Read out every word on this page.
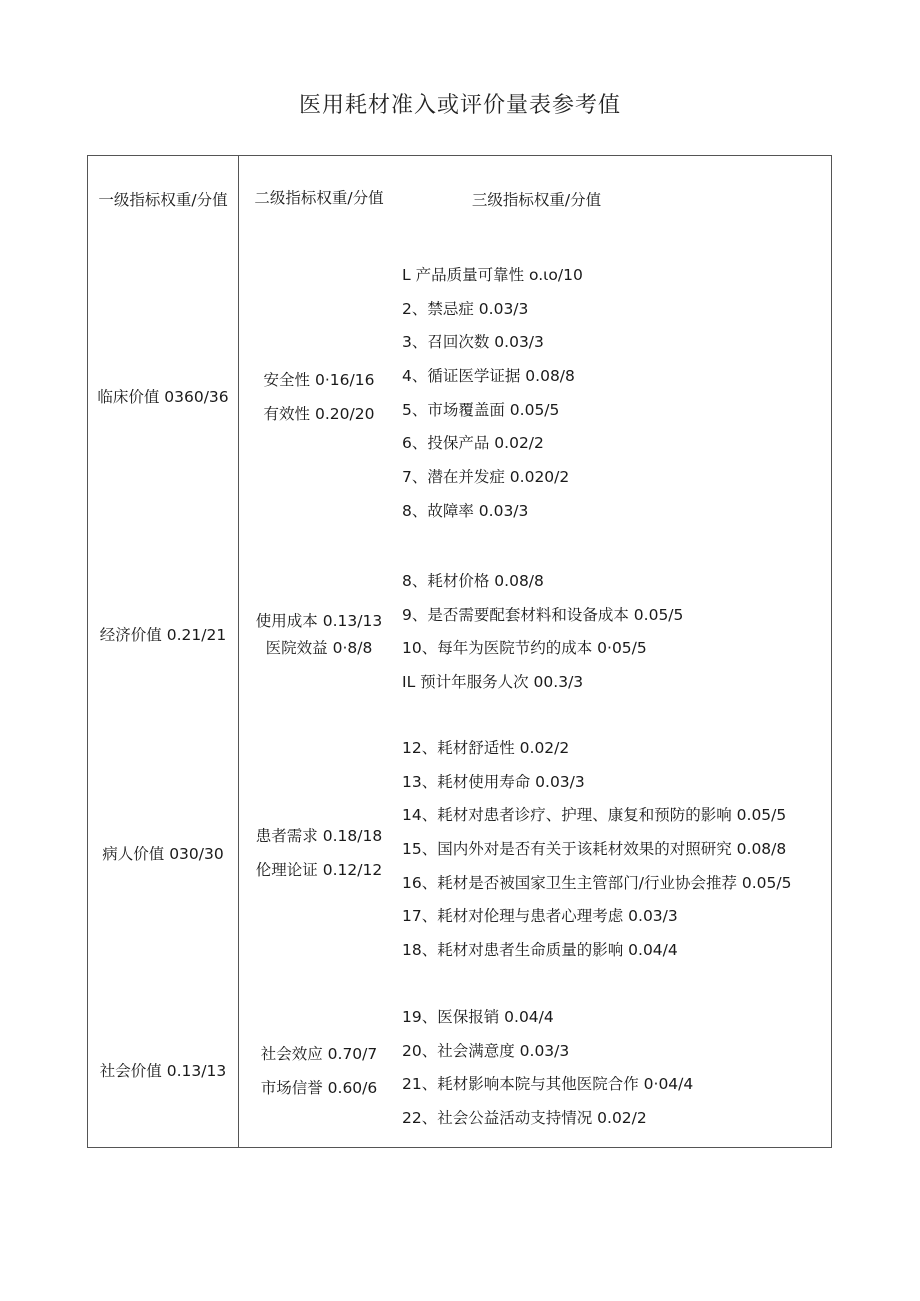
医用耗材准入或评价量表参考值
一级指标权重/分值	二级指标权重/分值	三级指标权重/分值
临床价值 0360/36
安全性 0·16/16
有效性 0.20/20
L 产品质量可靠性 o.ιo/10
2、禁忌症 0.03/3
3、召回次数 0.03/3
4、循证医学证据 0.08/8
5、市场覆盖面 0.05/5
6、投保产品 0.02/2
7、潜在并发症 0.020/2
8、故障率 0.03/3
经济价值 0.21/21
使用成本 0.13/13 医院效益 0·8∕8
8、耗材价格 0.08/8
9、是否需要配套材料和设备成本 0.05/5
10、每年为医院节约的成本 0·05∕5
IL 预计年服务人次 00.3/3
病人价值 030/30
患者需求 0.18/18
伦理论证 0.12/12
12、耗材舒适性 0.02/2
13、耗材使用寿命 0.03/3
14、耗材对患者诊疗、护理、康复和预防的影响 0.05/5
15、国内外对是否有关于该耗材效果的对照研究 0.08/8
16、耗材是否被国家卫生主管部门/行业协会推荐 0.05/5
17、耗材对伦理与患者心理考虑 0.03/3
18、耗材对患者生命质量的影响 0.04/4
社会价值 0.13/13
社会效应 0.70/7
市场信誉 0.60/6
19、医保报销 0.04/4
20、社会满意度 0.03/3
21、耗材影响本院与其他医院合作 0·04∕4
22、社会公益活动支持情况 0.02/2
